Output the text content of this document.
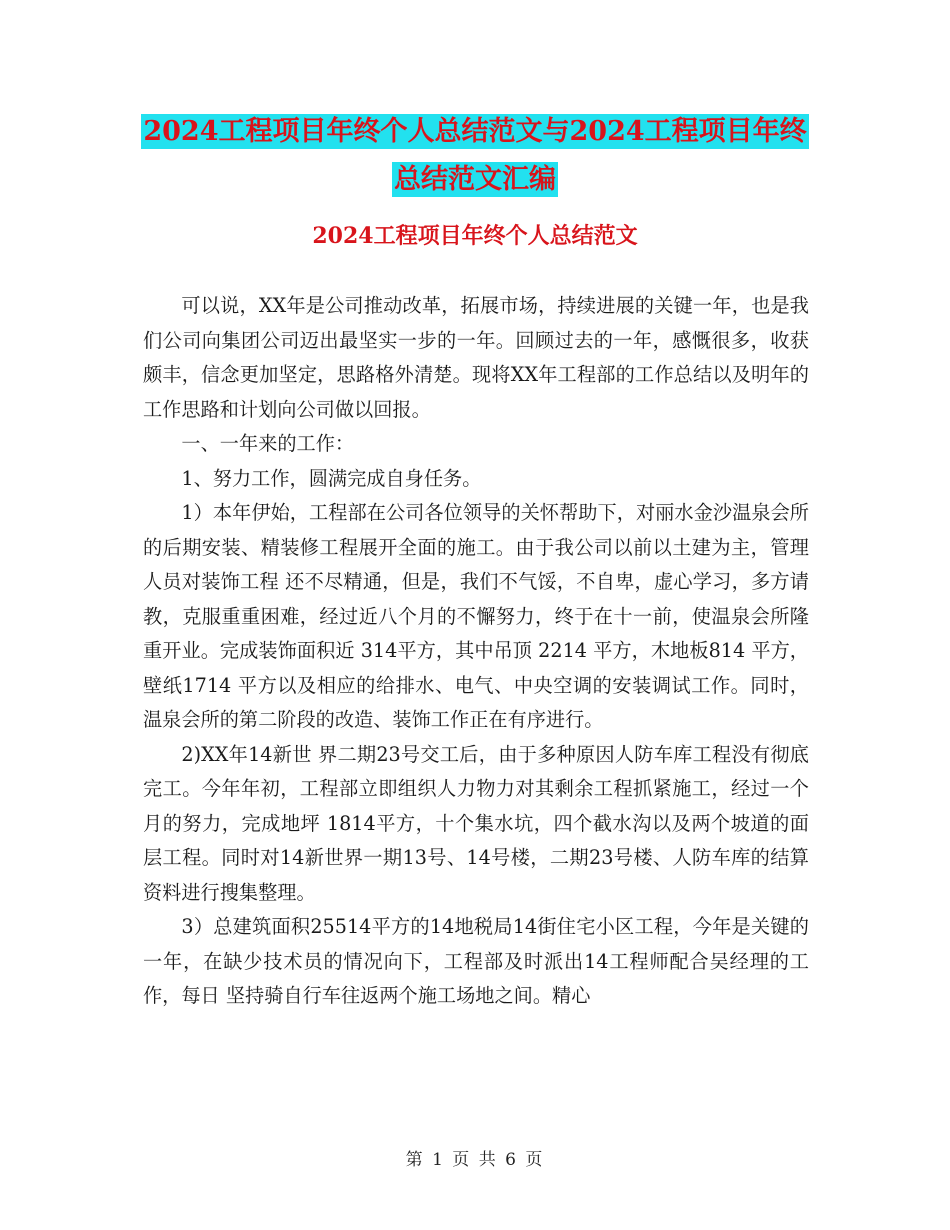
2024工程项目年终个人总结范文与2024工程项目年终
总结范文汇编
2024工程项目年终个人总结范文

可以说，XX年是公司推动改革，拓展市场，持续进展的关键一年，也是我们公司向集团公司迈出最坚实一步的一年。回顾过去的一年，感慨很多，收获颇丰，信念更加坚定，思路格外清楚。现将XX年工程部的工作总结以及明年的工作思路和计划向公司做以回报。

一、一年来的工作：

1、努力工作，圆满完成自身任务。

1）本年伊始，工程部在公司各位领导的关怀帮助下，对丽水金沙温泉会所的后期安装、精装修工程展开全面的施工。由于我公司以前以土建为主，管理人员对装饰工程 还不尽精通，但是，我们不气馁，不自卑，虚心学习，多方请教，克服重重困难，经过近八个月的不懈努力，终于在十一前，使温泉会所隆重开业。完成装饰面积近 314平方，其中吊顶 2214 平方，木地板814 平方，壁纸1714 平方以及相应的给排水、电气、中央空调的安装调试工作。同时，温泉会所的第二阶段的改造、装饰工作正在有序进行。

2)XX年14新世 界二期23号交工后，由于多种原因人防车库工程没有彻底完工。今年年初，工程部立即组织人力物力对其剩余工程抓紧施工，经过一个月的努力，完成地坪 1814平方，十个集水坑，四个截水沟以及两个坡道的面层工程。同时对14新世界一期13号、14号楼，二期23号楼、人防车库的结算资料进行搜集整理。

3）总建筑面积25514平方的14地税局14街住宅小区工程，今年是关键的一年，在缺少技术员的情况向下，工程部及时派出14工程师配合吴经理的工作，每日 坚持骑自行车往返两个施工场地之间。精心

第 1 页 共 6 页
